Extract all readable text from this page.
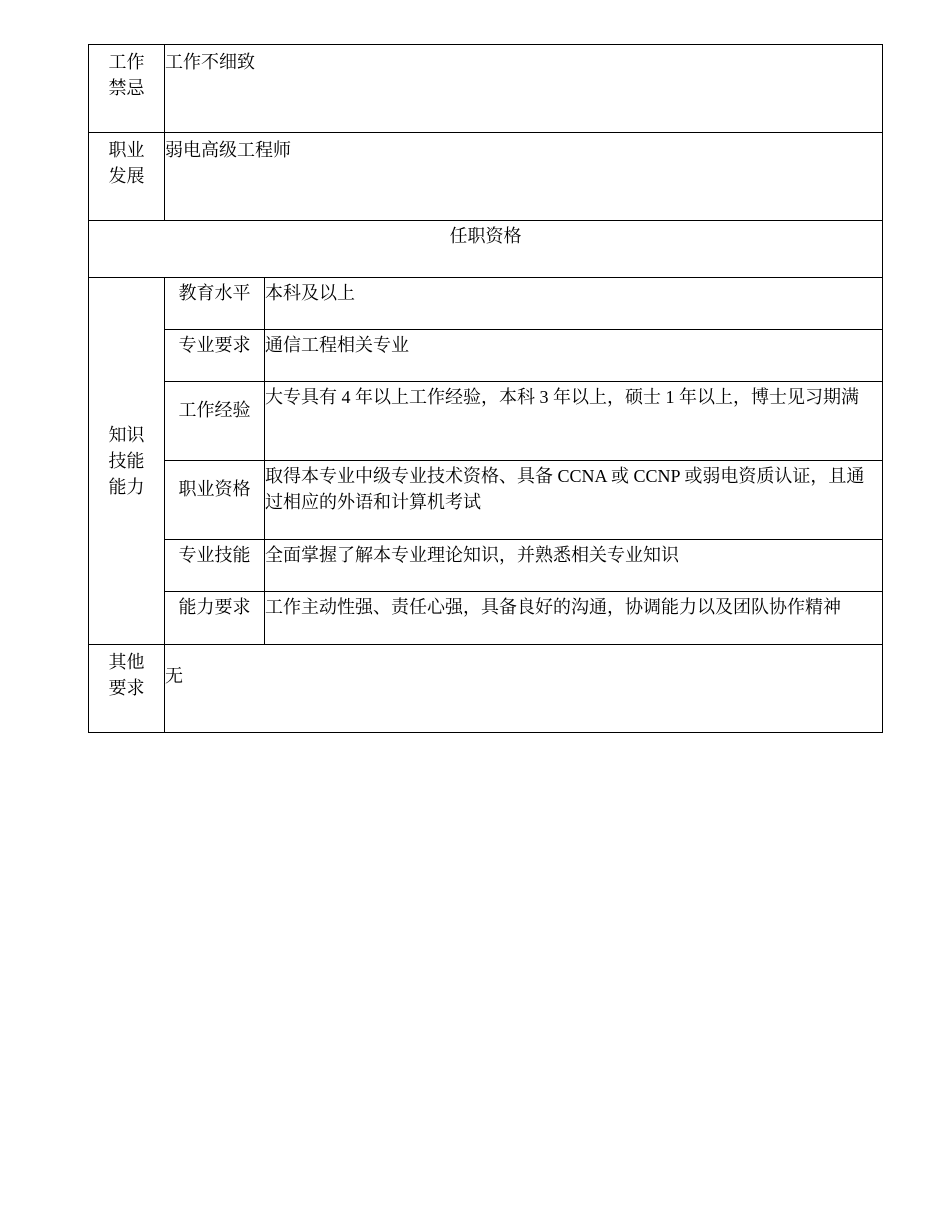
工作
禁忌	工作不细致	

职业
发展	弱电高级工程师	
任职资格		

知识
技能
能力	教育水平	本科及以上
	专业要求	通信工程相关专业
	工作经验	大专具有 4 年以上工作经验，本科 3 年以上，硕士 1 年以上，博士见习期满
	职业资格	取得本专业中级专业技术资格、具备 CCNA 或 CCNP 或弱电资质认证，且通过相应的外语和计算机考试
	专业技能	全面掌握了解本专业理论知识，并熟悉相关专业知识
	能力要求	工作主动性强、责任心强，具备良好的沟通，协调能力以及团队协作精神

其他
要求	无	
